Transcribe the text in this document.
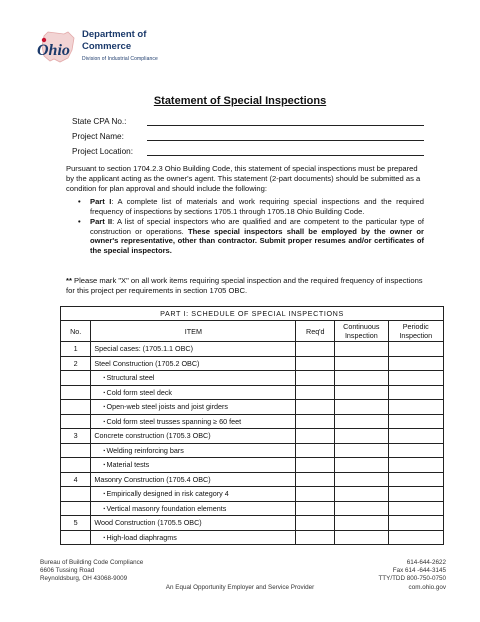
Ohio
Department of
Commerce
Division of Industrial Compliance
Statement of Special Inspections
State CPA No.:
Project Name:
Project Location:
Pursuant to section 1704.2.3 Ohio Building Code, this statement of special inspections must be prepared by the applicant acting as the owner's agent. This statement (2-part documents) should be submitted as a condition for plan approval and should include the following:
• Part I: A complete list of materials and work requiring special inspections and the required frequency of inspections by sections 1705.1 through 1705.18 Ohio Building Code.
• Part II: A list of special inspectors who are qualified and are competent to the particular type of construction or operations. These special inspectors shall be employed by the owner or owner's representative, other than contractor. Submit proper resumes and/or certificates of the special inspectors.
** Please mark "X" on all work items requiring special inspection and the required frequency of inspections for this project per requirements in section 1705 OBC.
PART I: SCHEDULE OF SPECIAL INSPECTIONS				
No.	ITEM	Req'd	Continuous Inspection	Periodic Inspection
1	Special cases: (1705.1.1 OBC)			
2	Steel Construction (1705.2 OBC)			
	▪ Structural steel			
	▪ Cold form steel deck			
	▪ Open-web steel joists and joist girders			
	▪ Cold form steel trusses spanning ≥ 60 feet			
3	Concrete construction (1705.3 OBC)			
	▪ Welding reinforcing bars			
	▪ Material tests			
4	Masonry Construction (1705.4 OBC)			
	▪ Empirically designed in risk category 4			
	▪ Vertical masonry foundation elements			
5	Wood Construction (1705.5 OBC)			
	▪ High-load diaphragms			
Bureau of Building Code Compliance
6606 Tussing Road
Reynoldsburg, OH 43068-9009
An Equal Opportunity Employer and Service Provider
614-644-2622
Fax 614 -644-3145
TTY/TDD 800-750-0750
com.ohio.gov
